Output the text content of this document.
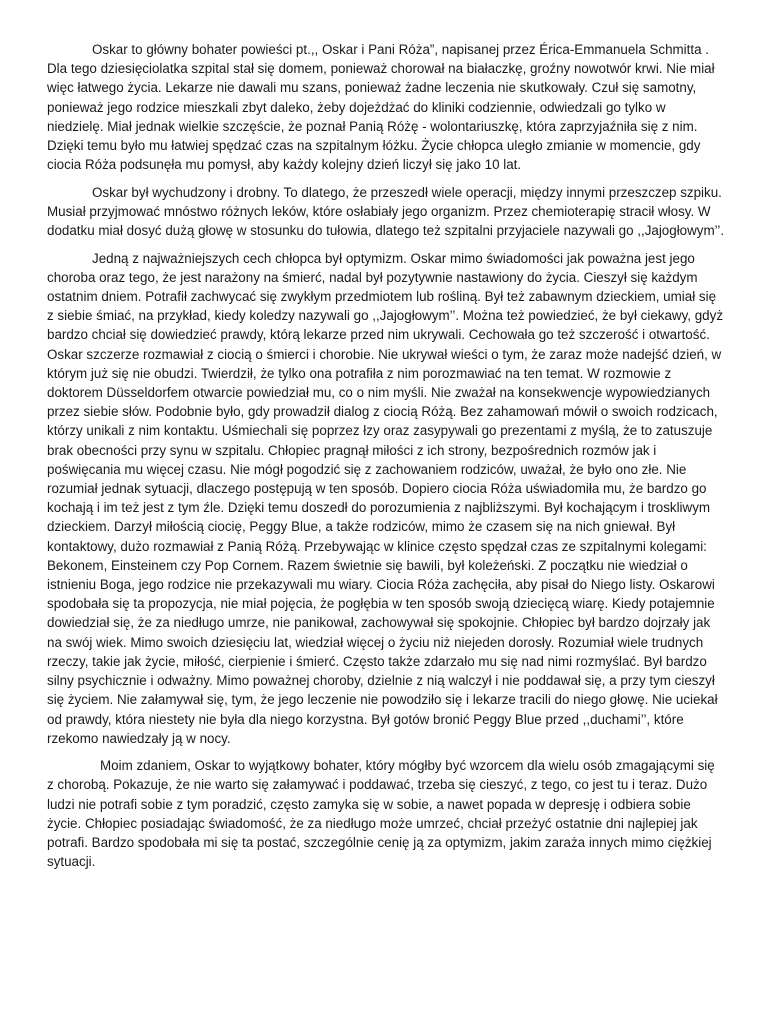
Oskar to główny bohater powieści pt.,, Oskar i Pani Róża”, napisanej przez Érica-Emmanuela Schmitta . Dla tego dziesięciolatka szpital stał się domem, ponieważ chorował na białaczkę, groźny nowotwór krwi. Nie miał więc łatwego życia. Lekarze nie dawali mu szans, ponieważ żadne leczenia nie skutkowały. Czuł się samotny, ponieważ jego rodzice mieszkali zbyt daleko, żeby dojeżdżać do kliniki codziennie, odwiedzali go tylko w niedzielę. Miał jednak wielkie szczęście, że poznał Panią Różę - wolontariuszkę, która zaprzyjaźniła się z nim. Dzięki temu było mu łatwiej spędzać czas na szpitalnym łóżku. Życie chłopca uległo zmianie w momencie, gdy ciocia Róża podsunęła mu pomysł, aby każdy kolejny dzień liczył się jako 10 lat.

Oskar był wychudzony i drobny. To dlatego, że przeszedł wiele operacji, między innymi przeszczep szpiku. Musiał przyjmować mnóstwo różnych leków, które osłabiały jego organizm. Przez chemioterapię stracił włosy. W dodatku miał dosyć dużą głowę w stosunku do tułowia, dlatego też szpitalni przyjaciele nazywali go ,,Jajogłowym’’.

Jedną z najważniejszych cech chłopca był optymizm. Oskar mimo świadomości jak poważna jest jego choroba oraz tego, że jest narażony na śmierć, nadal był pozytywnie nastawiony do życia. Cieszył się każdym ostatnim dniem. Potrafił zachwycać się zwykłym przedmiotem lub rośliną. Był też zabawnym dzieckiem, umiał się z siebie śmiać, na przykład, kiedy koledzy nazywali go ,,Jajogłowym’’. Można też powiedzieć, że był ciekawy, gdyż bardzo chciał się dowiedzieć prawdy, którą lekarze przed nim ukrywali. Cechowała go też szczerość i otwartość. Oskar szczerze rozmawiał z ciocią o śmierci i chorobie. Nie ukrywał wieści o tym, że zaraz może nadejść dzień, w którym już się nie obudzi. Twierdził, że tylko ona potrafiła z nim porozmawiać na ten temat. W rozmowie z doktorem Düsseldorfem otwarcie powiedział mu, co o nim myśli. Nie zważał na konsekwencje wypowiedzianych przez siebie słów. Podobnie było, gdy prowadził dialog z ciocią Różą. Bez zahamowań mówił o swoich rodzicach, którzy unikali z nim kontaktu. Uśmiechali się poprzez łzy oraz zasypywali go prezentami z myślą, że to zatuszuje brak obecności przy synu w szpitalu. Chłopiec pragnął miłości z ich strony, bezpośrednich rozmów jak i poświęcania mu więcej czasu. Nie mógł pogodzić się z zachowaniem rodziców, uważał, że było ono złe. Nie rozumiał jednak sytuacji, dlaczego postępują w ten sposób. Dopiero ciocia Róża uświadomiła mu, że bardzo go kochają i im też jest z tym źle. Dzięki temu doszedł do porozumienia z najbliższymi. Był kochającym i troskliwym dzieckiem. Darzył miłością ciocię, Peggy Blue, a także rodziców, mimo że czasem się na nich gniewał. Był kontaktowy, dużo rozmawiał z Panią Różą. Przebywając w klinice często spędzał czas ze szpitalnymi kolegami: Bekonem, Einsteinem czy Pop Cornem. Razem świetnie się bawili, był koleżeński. Z początku nie wiedział o istnieniu Boga, jego rodzice nie przekazywali mu wiary. Ciocia Róża zachęciła, aby pisał do Niego listy. Oskarowi spodobała się ta propozycja, nie miał pojęcia, że pogłębia w ten sposób swoją dziecięcą wiarę. Kiedy potajemnie dowiedział się, że za niedługo umrze, nie panikował, zachowywał się spokojnie. Chłopiec był bardzo dojrzały jak na swój wiek. Mimo swoich dziesięciu lat, wiedział więcej o życiu niż niejeden dorosły. Rozumiał wiele trudnych rzeczy, takie jak życie, miłość, cierpienie i śmierć. Często także zdarzało mu się nad nimi rozmyślać. Był bardzo silny psychicznie i odważny. Mimo poważnej choroby, dzielnie z nią walczył i nie poddawał się, a przy tym cieszył się życiem. Nie załamywał się, tym, że jego leczenie nie powodziło się i lekarze tracili do niego głowę. Nie uciekał od prawdy, która niestety nie była dla niego korzystna. Był gotów bronić Peggy Blue przed ,,duchami’’, które rzekomo nawiedzały ją w nocy.

Moim zdaniem, Oskar to wyjątkowy bohater, który mógłby być wzorcem dla wielu osób zmagającymi się z chorobą. Pokazuje, że nie warto się załamywać i poddawać, trzeba się cieszyć, z tego, co jest tu i teraz. Dużo ludzi nie potrafi sobie z tym poradzić, często zamyka się w sobie, a nawet popada w depresję i odbiera sobie życie. Chłopiec posiadając świadomość, że za niedługo może umrzeć, chciał przeżyć ostatnie dni najlepiej jak potrafi. Bardzo spodobała mi się ta postać, szczególnie cenię ją za optymizm, jakim zaraża innych mimo ciężkiej sytuacji.
